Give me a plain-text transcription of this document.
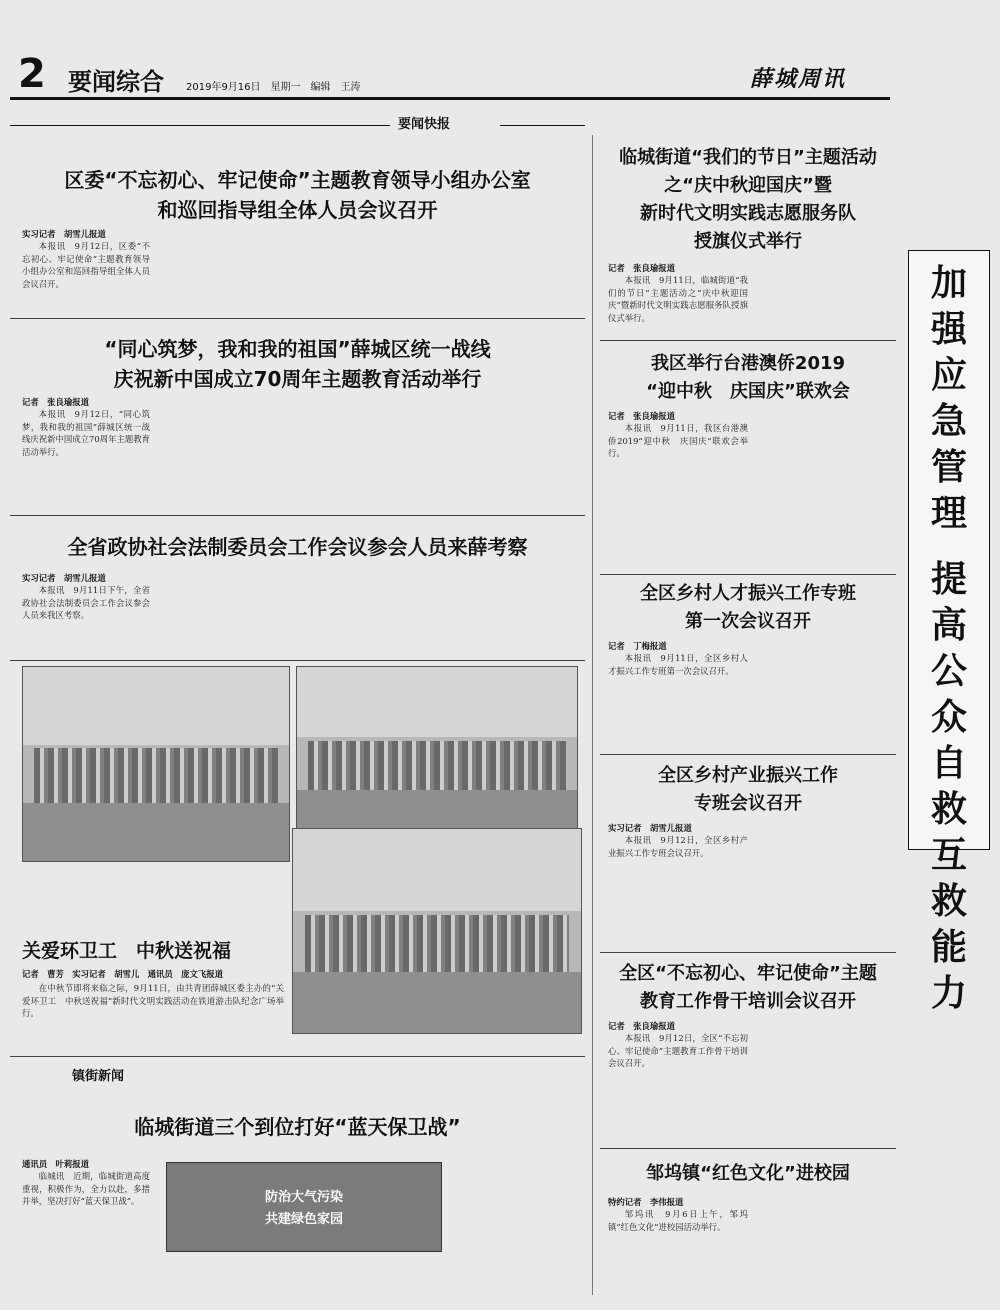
2 要闻综合 2019年9月16日　星期一　编辑　王涛	薛城周讯
加
强
应
急
管
理

提
高
公
众
自
救
互
救
能
力
要闻快报
区委“不忘初心、牢记使命”主题教育领导小组办公室
和巡回指导组全体人员会议召开
实习记者　胡雪儿报道

本报讯　9月12日，区委“不忘初心、牢记使命”主题教育领导小组办公室和巡回指导组全体人员会议召开。

“同心筑梦，我和我的祖国”薛城区统一战线
庆祝新中国成立70周年主题教育活动举行
记者　张良瑜报道

本报讯　9月12日，“同心筑梦，我和我的祖国”薛城区统一战线庆祝新中国成立70周年主题教育活动举行。

全省政协社会法制委员会工作会议参会人员来薛考察
实习记者　胡雪儿报道

本报讯　9月11日下午，全省政协社会法制委员会工作会议参会人员来我区考察。

关爱环卫工　中秋送祝福
记者　曹芳　实习记者　胡雪儿　通讯员　庞文飞报道

在中秋节即将来临之际，9月11日，由共青团薛城区委主办的“关爱环卫工　中秋送祝福”新时代文明实践活动在铁道游击队纪念广场举行。

镇街新闻
临城街道三个到位打好“蓝天保卫战”
通讯员　叶莉报道

临城讯　近期，临城街道高度重视，积极作为，全力以赴，多措并举，坚决打好“蓝天保卫战”。	防治大气污染
共建绿色家园
临城街道“我们的节日”主题活动
之“庆中秋迎国庆”暨
新时代文明实践志愿服务队
授旗仪式举行
记者　张良瑜报道

本报讯　9月11日，临城街道“我们的节日”主题活动之“庆中秋迎国庆”暨新时代文明实践志愿服务队授旗仪式举行。

我区举行台港澳侨2019
“迎中秋　庆国庆”联欢会
记者　张良瑜报道

本报讯　9月11日，我区台港澳侨2019“迎中秋　庆国庆”联欢会举行。

全区乡村人才振兴工作专班
第一次会议召开
记者　丁梅报道

本报讯　9月11日，全区乡村人才振兴工作专班第一次会议召开。

全区乡村产业振兴工作
专班会议召开
实习记者　胡雪儿报道

本报讯　9月12日，全区乡村产业振兴工作专班会议召开。

全区“不忘初心、牢记使命”主题
教育工作骨干培训会议召开
记者　张良瑜报道

本报讯　9月12日，全区“不忘初心、牢记使命”主题教育工作骨干培训会议召开。

邹坞镇“红色文化”进校园
特约记者　李伟报道

邹坞讯　9月6日上午，邹坞镇“红色文化”进校园活动举行。
